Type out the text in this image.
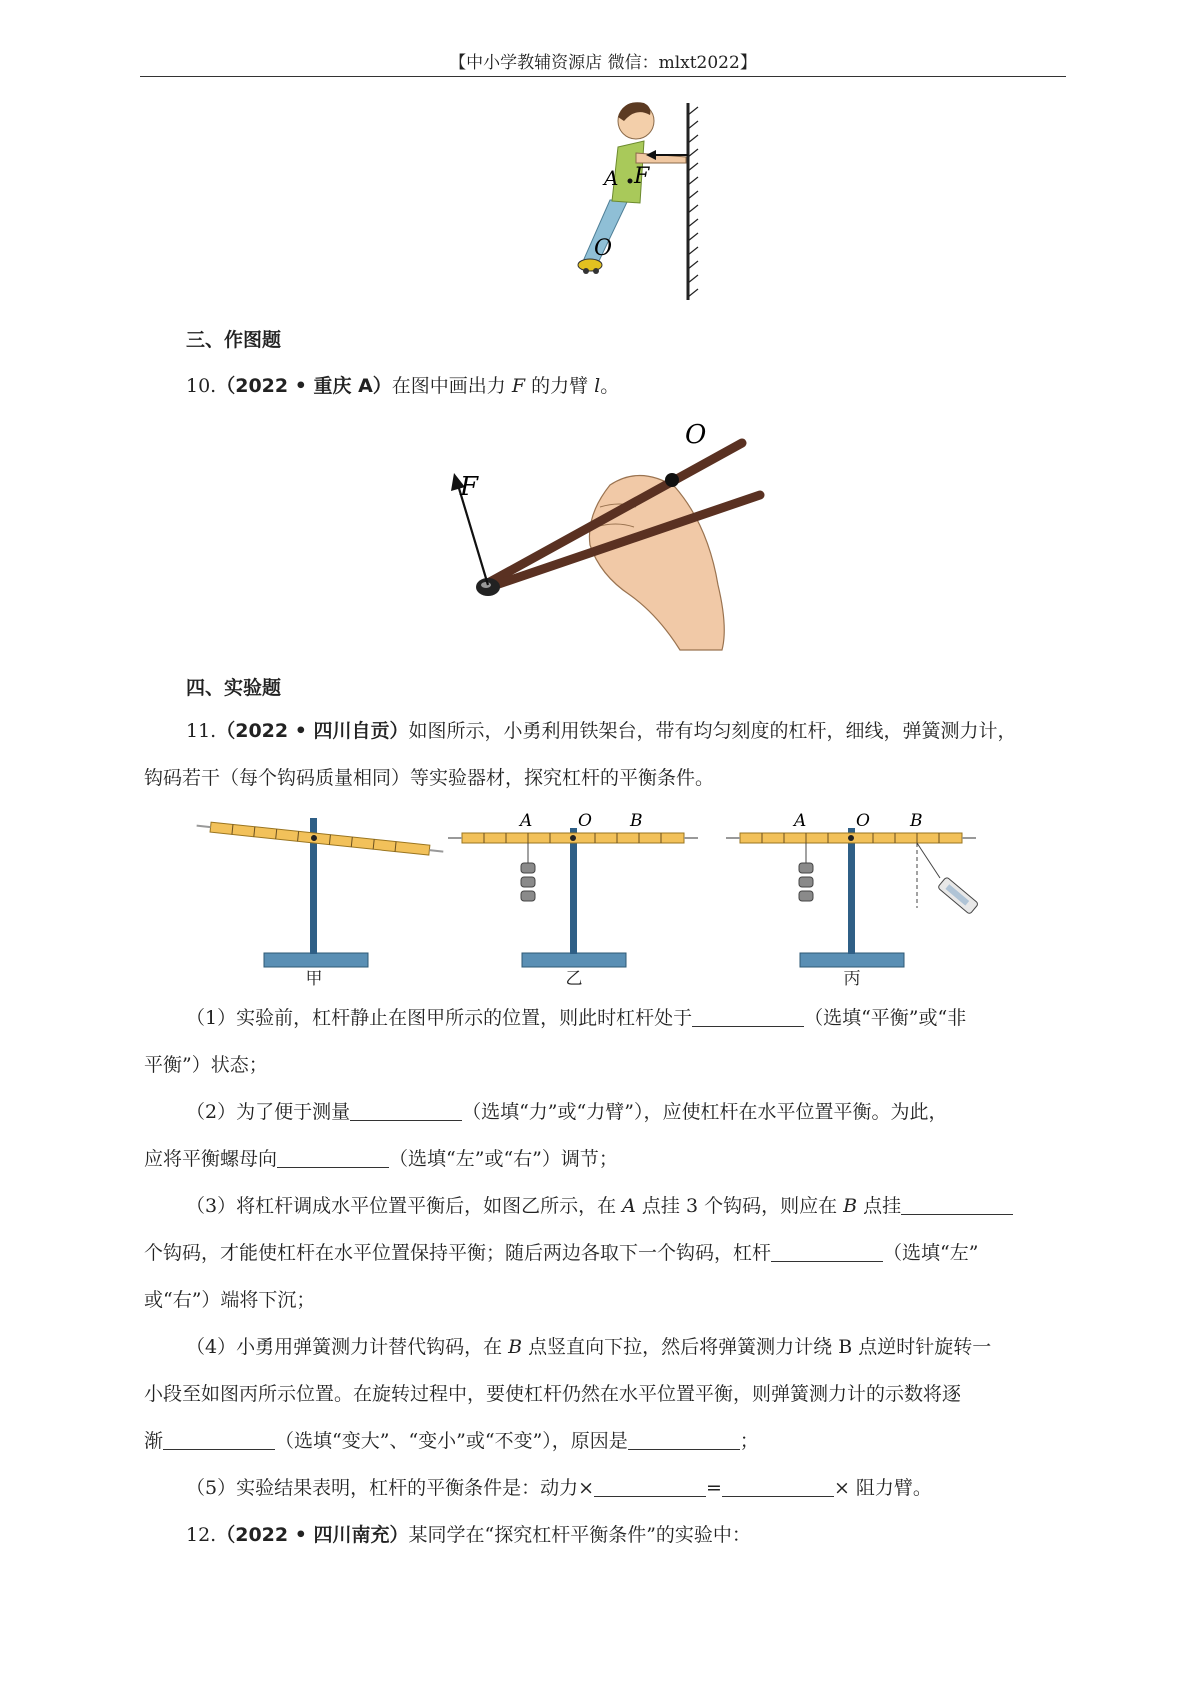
【中小学教辅资源店 微信：mlxt2022】
A F
O
三、作图题
10.（2022 • 重庆 A）在图中画出力 F 的力臂 l。
O
F
四、实验题
11.（2022 • 四川自贡）如图所示，小勇利用铁架台，带有均匀刻度的杠杆，细线，弹簧测力计，
钩码若干（每个钩码质量相同）等实验器材，探究杠杆的平衡条件。
A	O B	A	O B
甲	乙	丙
（1）实验前，杠杆静止在图甲所示的位置，则此时杠杆处于	（选填“平衡”或“非
平衡”）状态；
（2）为了便于测量	（选填“力”或“力臂”），应使杠杆在水平位置平衡。为此，
应将平衡螺母向	（选填“左”或“右”）调节；
（3）将杠杆调成水平位置平衡后，如图乙所示，在 A 点挂 3 个钩码，则应在 B 点挂
个钩码，才能使杠杆在水平位置保持平衡；随后两边各取下一个钩码，杠杆	（选填“左”
或“右”）端将下沉；
（4）小勇用弹簧测力计替代钩码，在 B 点竖直向下拉，然后将弹簧测力计绕 B 点逆时针旋转一
小段至如图丙所示位置。在旋转过程中，要使杠杆仍然在水平位置平衡，则弹簧测力计的示数将逐
渐	（选填“变大”、“变小”或“不变”），原因是	；
（5）实验结果表明，杠杆的平衡条件是：动力×	=	× 阻力臂。
12.（2022 • 四川南充）某同学在“探究杠杆平衡条件”的实验中：
